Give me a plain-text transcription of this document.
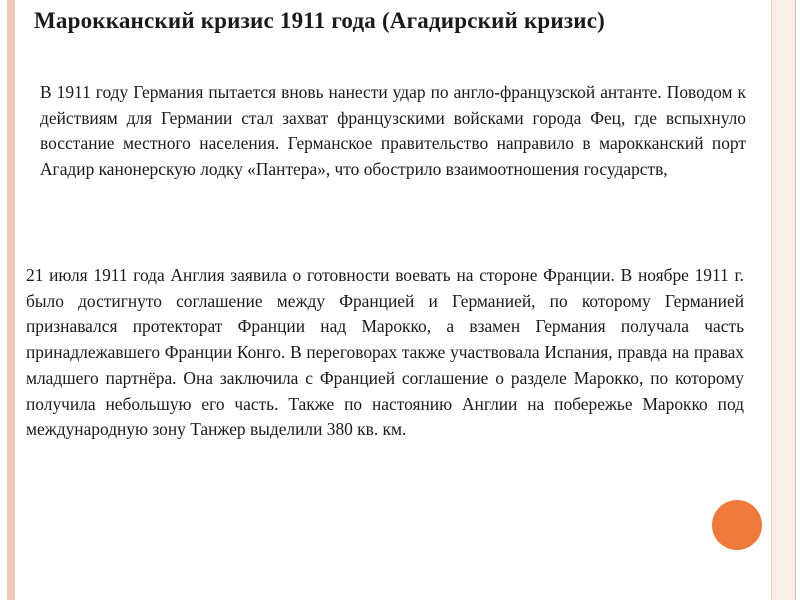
Марокканский кризис 1911 года (Агадирский кризис)
В 1911 году Германия пытается вновь нанести удар по англо-французской антанте. Поводом к действиям для Германии стал захват французскими войсками города Фец, где вспыхнуло восстание местного населения. Германское правительство направило в марокканский порт Агадир канонерскую лодку «Пантера», что обострило взаимоотношения государств,
21 июля 1911 года Англия заявила о готовности воевать на стороне Франции. В ноябре 1911 г. было достигнуто соглашение между Францией и Германией, по которому Германией признавался протекторат Франции над Марокко, а взамен Германия получала часть принадлежавшего Франции Конго. В переговорах также участвовала Испания, правда на правах младшего партнёра. Она заключила с Францией соглашение о разделе Марокко, по которому получила небольшую его часть. Также по настоянию Англии на побережье Марокко под международную зону Танжер выделили 380 кв. км.
